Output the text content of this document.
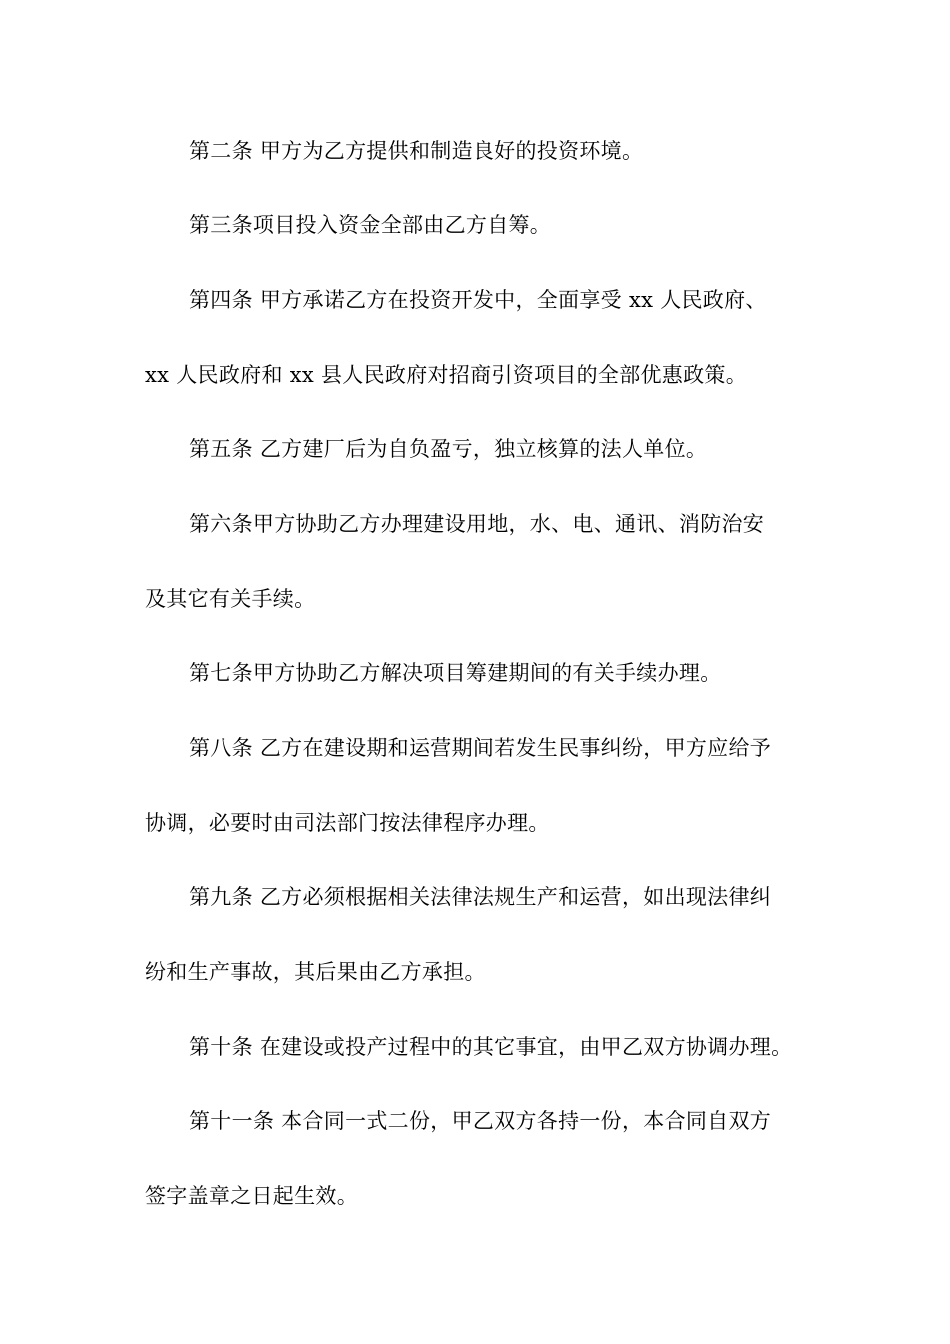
第二条 甲方为乙方提供和制造良好的投资环境。
第三条项目投入资金全部由乙方自筹。
第四条 甲方承诺乙方在投资开发中，全面享受 xx 人民政府、
xx 人民政府和 xx 县人民政府对招商引资项目的全部优惠政策。
第五条 乙方建厂后为自负盈亏，独立核算的法人单位。
第六条甲方协助乙方办理建设用地，水、电、通讯、消防治安
及其它有关手续。
第七条甲方协助乙方解决项目筹建期间的有关手续办理。
第八条 乙方在建设期和运营期间若发生民事纠纷，甲方应给予
协调，必要时由司法部门按法律程序办理。
第九条 乙方必须根据相关法律法规生产和运营，如出现法律纠
纷和生产事故，其后果由乙方承担。
第十条 在建设或投产过程中的其它事宜，由甲乙双方协调办理。
第十一条 本合同一式二份，甲乙双方各持一份，本合同自双方
签字盖章之日起生效。
